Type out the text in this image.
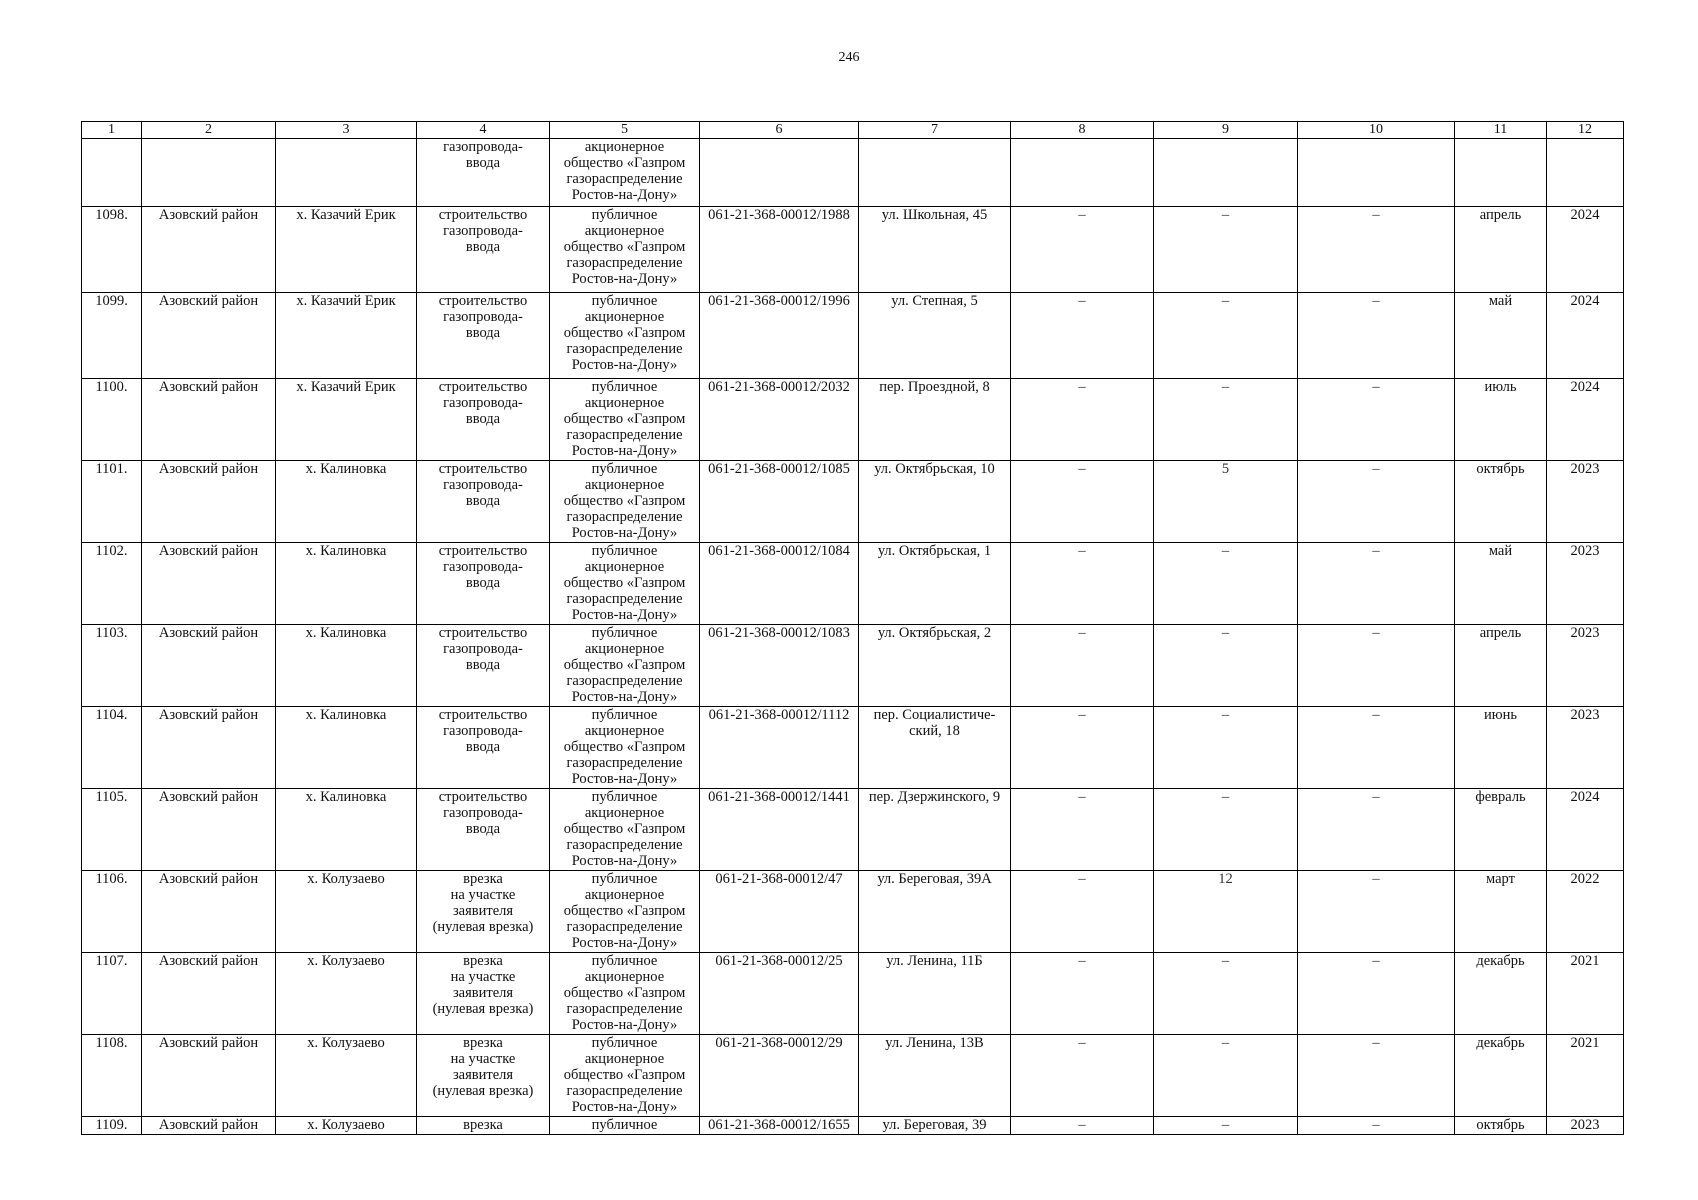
246
1	2	3	4	5	6	7	8	9	10	11	12

			газопровода-
ввода	акционерное
общество «Газпром
газораспределение
Ростов-на-Дону»							

1098.	Азовский район	х. Казачий Ерик	строительство
газопровода-
ввода	публичное
акционерное
общество «Газпром
газораспределение
Ростов-на-Дону»	061-21-368-00012/1988	ул. Школьная, 45	–	–	–	апрель	2024
1099.	Азовский район	х. Казачий Ерик	строительство
газопровода-
ввода	публичное
акционерное
общество «Газпром
газораспределение
Ростов-на-Дону»	061-21-368-00012/1996	ул. Степная, 5	–	–	–	май	2024
1100.	Азовский район	х. Казачий Ерик	строительство
газопровода-
ввода	публичное
акционерное
общество «Газпром
газораспределение
Ростов-на-Дону»	061-21-368-00012/2032	пер. Проездной, 8	–	–	–	июль	2024
1101.	Азовский район	х. Калиновка	строительство
газопровода-
ввода	публичное
акционерное
общество «Газпром
газораспределение
Ростов-на-Дону»	061-21-368-00012/1085	ул. Октябрьская, 10	–	5	–	октябрь	2023
1102.	Азовский район	х. Калиновка	строительство
газопровода-
ввода	публичное
акционерное
общество «Газпром
газораспределение
Ростов-на-Дону»	061-21-368-00012/1084	ул. Октябрьская, 1	–	–	–	май	2023
1103.	Азовский район	х. Калиновка	строительство
газопровода-
ввода	публичное
акционерное
общество «Газпром
газораспределение
Ростов-на-Дону»	061-21-368-00012/1083	ул. Октябрьская, 2	–	–	–	апрель	2023
1104.	Азовский район	х. Калиновка	строительство
газопровода-
ввода	публичное
акционерное
общество «Газпром
газораспределение
Ростов-на-Дону»	061-21-368-00012/1112	пер. Социалистиче-
ский, 18	–	–	–	июнь	2023
1105.	Азовский район	х. Калиновка	строительство
газопровода-
ввода	публичное
акционерное
общество «Газпром
газораспределение
Ростов-на-Дону»	061-21-368-00012/1441	пер. Дзержинского, 9	–	–	–	февраль	2024
1106.	Азовский район	х. Колузаево	врезка
на участке
заявителя
(нулевая врезка)	публичное
акционерное
общество «Газпром
газораспределение
Ростов-на-Дону»	061-21-368-00012/47	ул. Береговая, 39А	–	12	–	март	2022
1107.	Азовский район	х. Колузаево	врезка
на участке
заявителя
(нулевая врезка)	публичное
акционерное
общество «Газпром
газораспределение
Ростов-на-Дону»	061-21-368-00012/25	ул. Ленина, 11Б	–	–	–	декабрь	2021
1108.	Азовский район	х. Колузаево	врезка
на участке
заявителя
(нулевая врезка)	публичное
акционерное
общество «Газпром
газораспределение
Ростов-на-Дону»	061-21-368-00012/29	ул. Ленина, 13В	–	–	–	декабрь	2021
1109.	Азовский район	х. Колузаево	врезка	публичное	061-21-368-00012/1655	ул. Береговая, 39	–	–	–	октябрь	2023
